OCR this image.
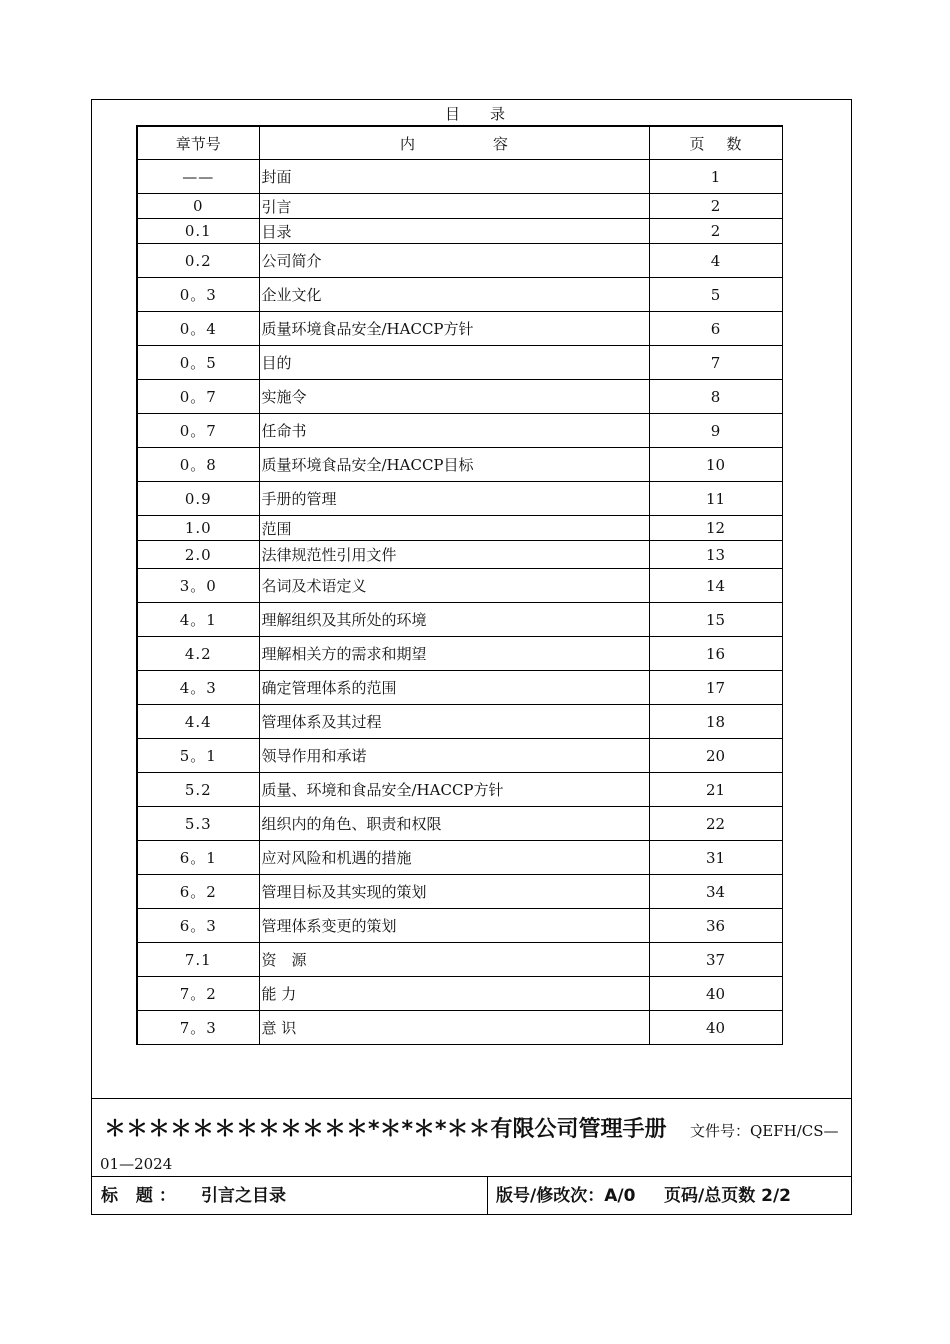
目录
章节号	内容	页数
——	封面	1
0	引言	2
0.1	目录	2
0.2	公司简介	4
0。3	企业文化	5
0。4	质量环境食品安全/HACCP方针	6
0。5	目的	7
0。7	实施令	8
0。7	任命书	9
0。8	质量环境食品安全/HACCP目标	10
0.9	手册的管理	11
1.0	范围	12
2.0	法律规范性引用文件	13
3。0	名词及术语定义	14
4。1	理解组织及其所处的环境	15
4.2	理解相关方的需求和期望	16
4。3	确定管理体系的范围	17
4.4	管理体系及其过程	18
5。1	领导作用和承诺	20
5.2	质量、环境和食品安全/HACCP方针	21
5.3	组织内的角色、职责和权限	22
6。1	应对风险和机遇的措施	31
6。2	管理目标及其实现的策划	34
6。3	管理体系变更的策划	36
7.1	资　源	37
7。2	能 力	40
7。3	意 识	40
＊＊＊＊＊＊＊＊＊＊＊＊*＊*＊*＊＊有限公司管理手册 文件号：QEFH/CS—
01—2024
标 题： 引言之目录	版号/修改次：A/0 页码/总页数 2/2
